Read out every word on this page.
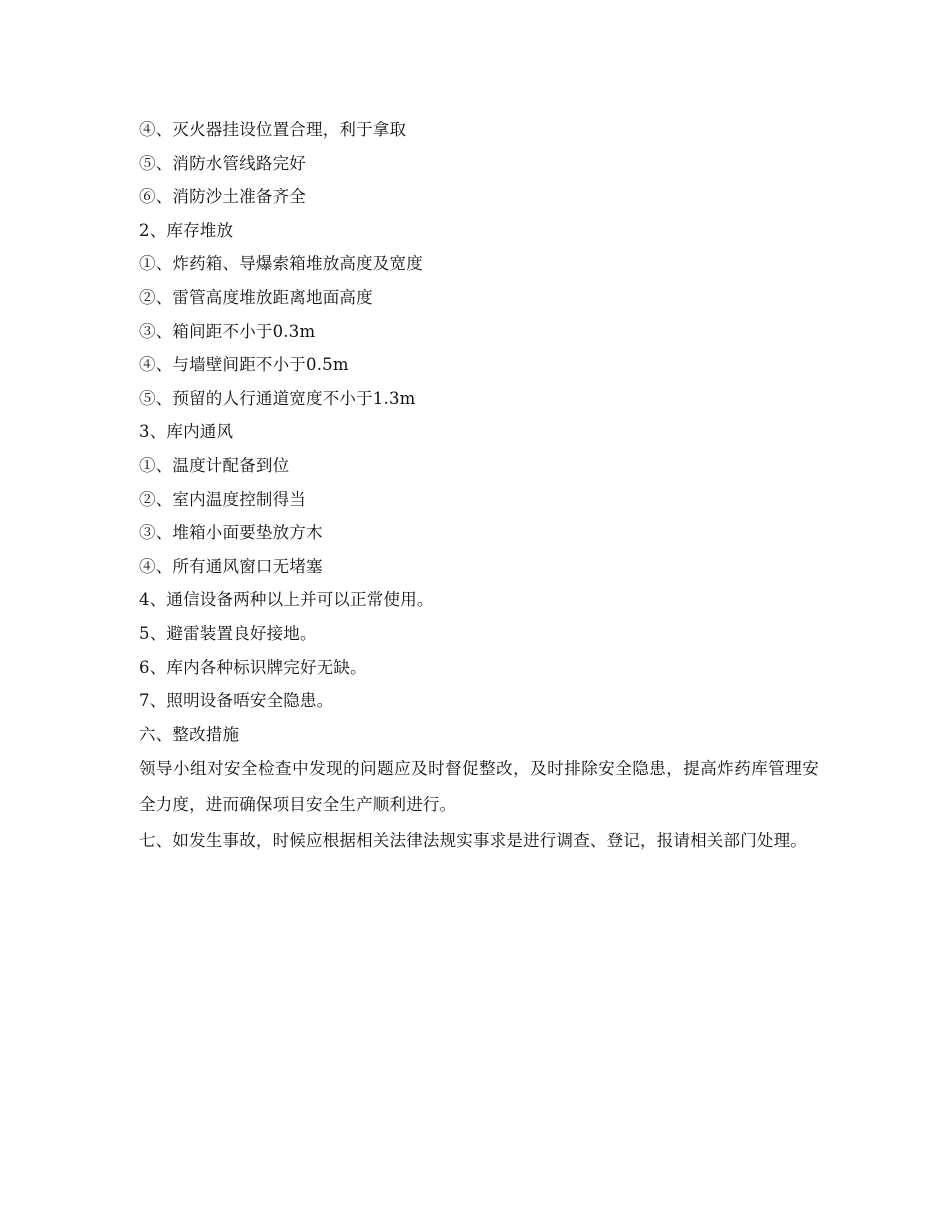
④、灭火器挂设位置合理，利于拿取
⑤、消防水管线路完好
⑥、消防沙土准备齐全
2、库存堆放
①、炸药箱、导爆索箱堆放高度及宽度
②、雷管高度堆放距离地面高度
③、箱间距不小于0.3m
④、与墙壁间距不小于0.5m
⑤、预留的人行通道宽度不小于1.3m
3、库内通风
①、温度计配备到位
②、室内温度控制得当
③、堆箱小面要垫放方木
④、所有通风窗口无堵塞
4、通信设备两种以上并可以正常使用。
5、避雷装置良好接地。
6、库内各种标识牌完好无缺。
7、照明设备唔安全隐患。
六、整改措施

领导小组对安全检查中发现的问题应及时督促整改，及时排除安全隐患，提高炸药库管理安全力度，进而确保项目安全生产顺利进行。

七、如发生事故，时候应根据相关法律法规实事求是进行调查、登记，报请相关部门处理。
